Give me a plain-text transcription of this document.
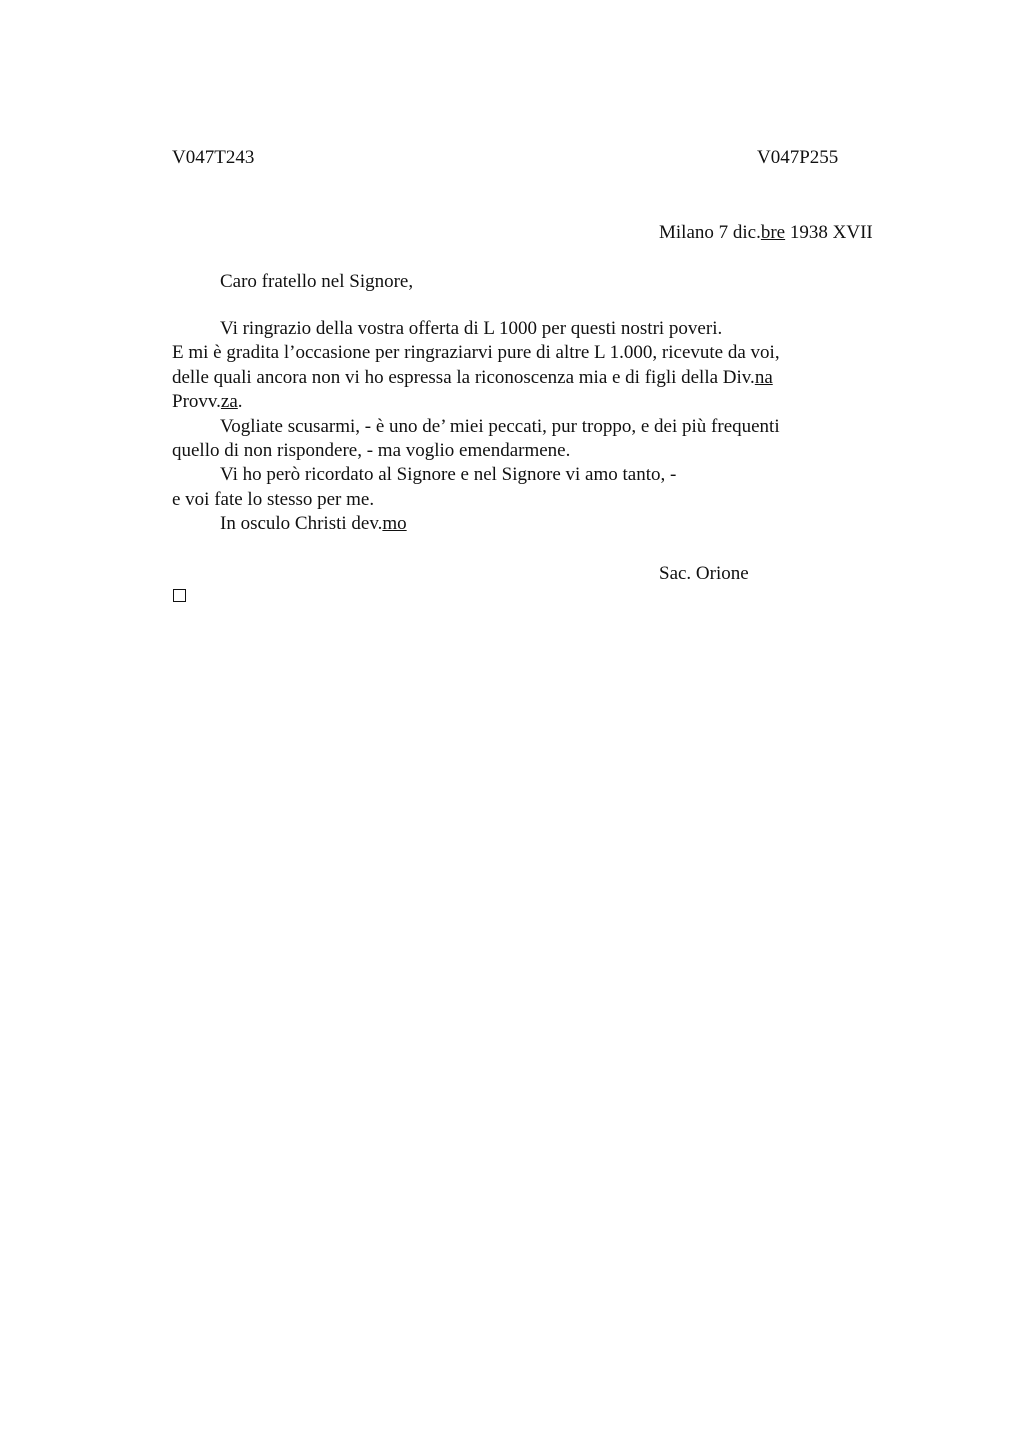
V047T243	V047P255
Milano 7 dic.bre 1938 XVII
Caro fratello nel Signore,
Vi ringrazio della vostra offerta di L 1000 per questi nostri poveri.
E mi è gradita l’occasione per ringraziarvi pure di altre L 1.000, ricevute da voi,
delle quali ancora non vi ho espressa la riconoscenza mia e di figli della Div.na
Provv.za.
Vogliate scusarmi, - è uno de’ miei peccati, pur troppo, e dei più frequenti
quello di non rispondere, - ma voglio emendarmene.
Vi ho però ricordato al Signore e nel Signore vi amo tanto, -
e voi fate lo stesso per me.
In osculo Christi dev.mo
Sac. Orione
